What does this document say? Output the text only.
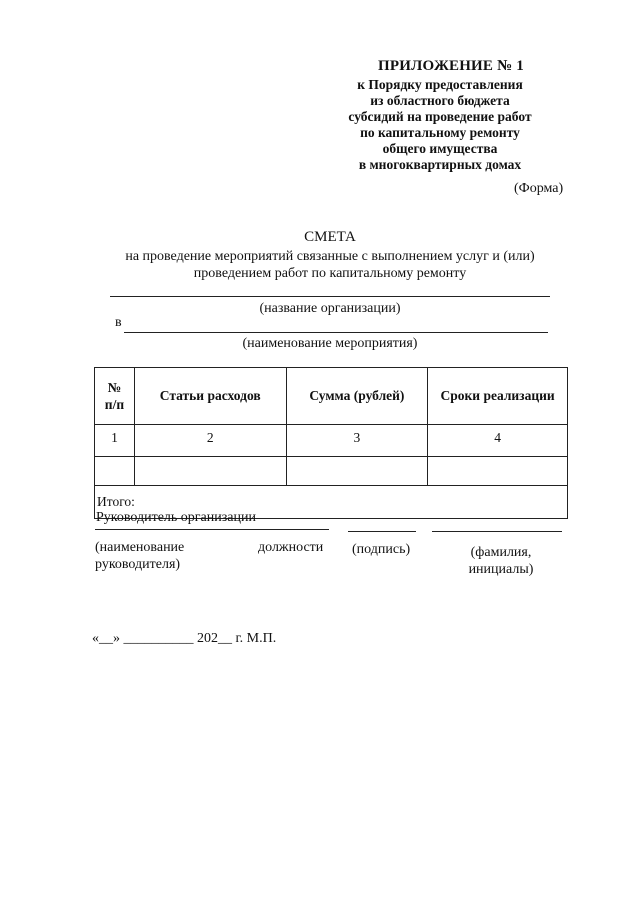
ПРИЛОЖЕНИЕ № 1
к Порядку предоставления
из областного бюджета
субсидий на проведение работ
по капитальному ремонту
общего имущества
в многоквартирных домах
(Форма)
СМЕТА
на проведение мероприятий связанные с выполнением услуг и (или)
проведением работ по капитальному ремонту
(название организации)
в
(наименование мероприятия)
№
п/п	Статьи расходов	Сумма (рублей)	Сроки реализации
1	2	3	4

Итого:			
Руководитель организации
(наименование
руководителя)
должности (подпись)	(фамилия,
инициалы)
«__» __________ 202__ г. М.П.
